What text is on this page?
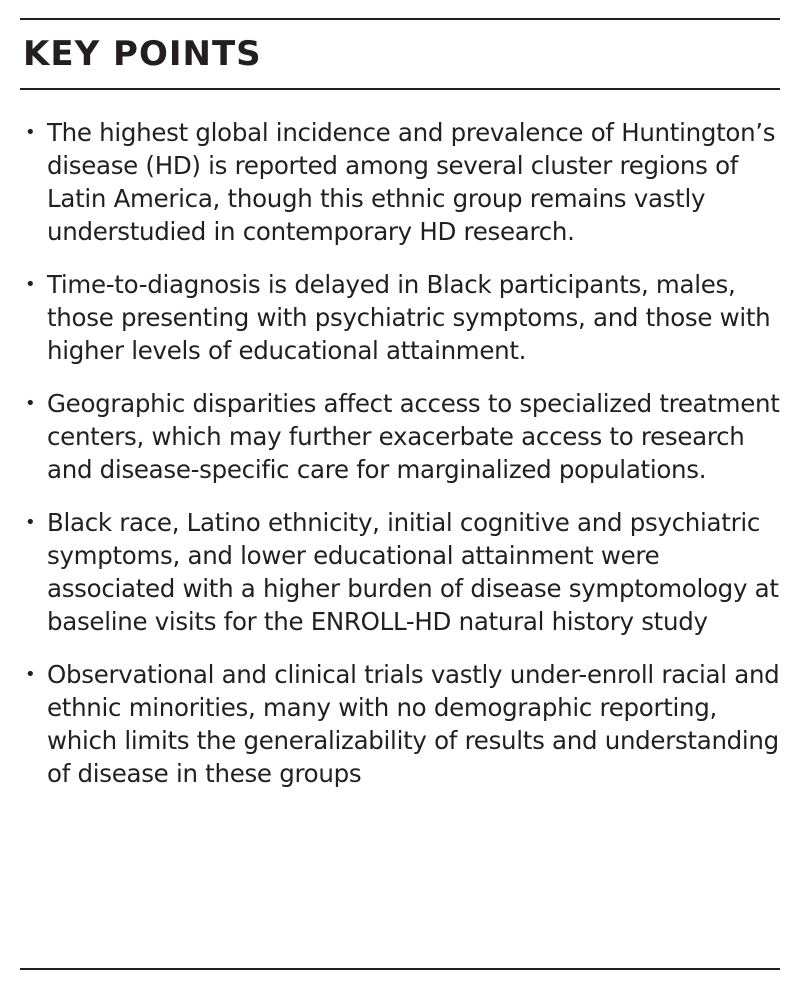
KEY POINTS
• The highest global incidence and prevalence of Huntington’s disease (HD) is reported among several cluster regions of Latin America, though this ethnic group remains vastly understudied in contemporary HD research.
• Time-to-diagnosis is delayed in Black participants, males, those presenting with psychiatric symptoms, and those with higher levels of educational attainment.
• Geographic disparities affect access to specialized treatment centers, which may further exacerbate access to research and disease-specific care for marginalized populations.
• Black race, Latino ethnicity, initial cognitive and psychiatric symptoms, and lower educational attainment were associated with a higher burden of disease symptomology at baseline visits for the ENROLL-HD natural history study
• Observational and clinical trials vastly under-enroll racial and ethnic minorities, many with no demographic reporting, which limits the generalizability of results and understanding of disease in these groups
